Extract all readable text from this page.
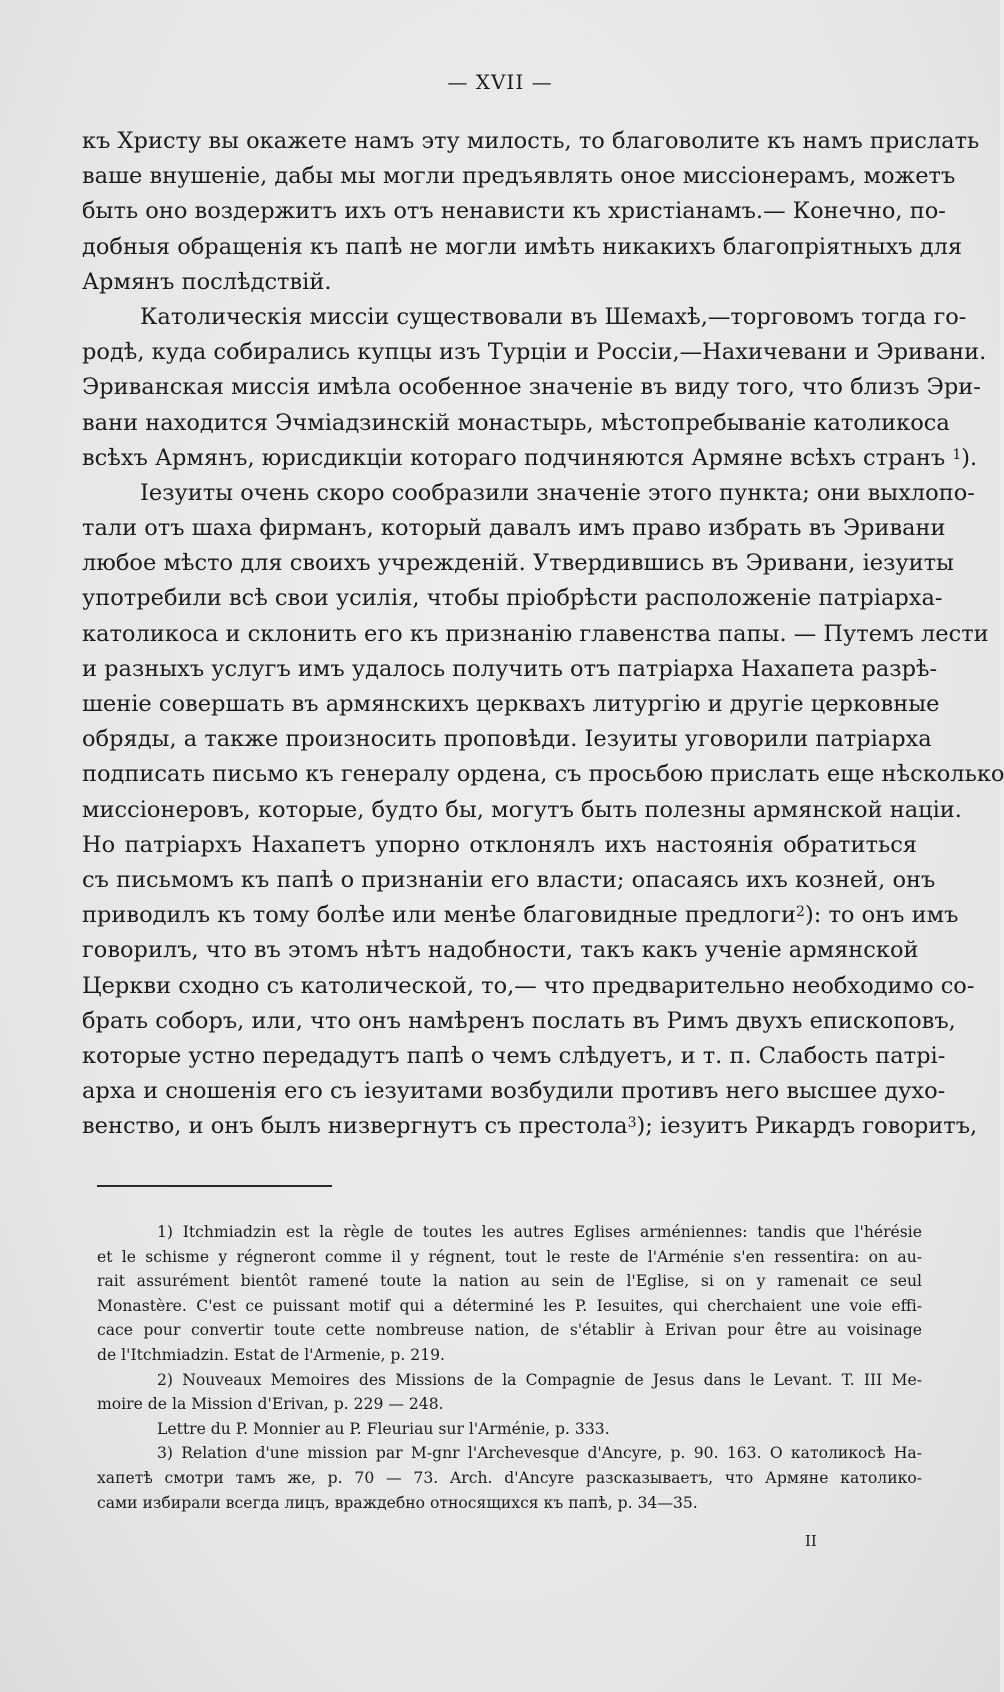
— XVII —
къ Христу вы окажете намъ эту милость, то благоволите къ намъ прислать
ваше внушеніе, дабы мы могли предъявлять оное миссіонерамъ, можетъ
быть оно воздержитъ ихъ отъ ненависти къ христіанамъ.— Конечно, по-
добныя обращенія къ папѣ не могли имѣть никакихъ благопріятныхъ для
Армянъ послѣдствій.
Католическія миссіи существовали въ Шемахѣ,—торговомъ тогда го-
родѣ, куда собирались купцы изъ Турціи и Россіи,—Нахичевани и Эривани.
Эриванская миссія имѣла особенное значеніе въ виду того, что близъ Эри-
вани находится Эчміадзинскій монастырь, мѣстопребываніе католикоса
всѣхъ Армянъ, юрисдикціи котораго подчиняются Армяне всѣхъ странъ $^1$).
Іезуиты очень скоро сообразили значеніе этого пункта; они выхлопо-
тали отъ шаха фирманъ, который давалъ имъ право избрать въ Эривани
любое мѣсто для своихъ учрежденій. Утвердившись въ Эривани, іезуиты
употребили всѣ свои усилія, чтобы пріобрѣсти расположеніе патріарха-
католикоса и склонить его къ признанію главенства папы. — Путемъ лести
и разныхъ услугъ имъ удалось получить отъ патріарха Нахапета разрѣ-
шеніе совершать въ армянскихъ церквахъ литургію и другіе церковные
обряды, а также произносить проповѣди. Іезуиты уговорили патріарха
подписать письмо къ генералу ордена, съ просьбою прислать еще нѣсколько
миссіонеровъ, которые, будто бы, могутъ быть полезны армянской націи.
Но патріархъ Нахапетъ упорно отклонялъ ихъ настоянія обратиться
съ письмомъ къ папѣ о признаніи его власти; опасаясь ихъ козней, онъ
приводилъ къ тому болѣе или менѣе благовидные предлоги$^2$): то онъ имъ
говорилъ, что въ этомъ нѣтъ надобности, такъ какъ ученіе армянской
Церкви сходно съ католической, то,— что предварительно необходимо со-
брать соборъ, или, что онъ намѣренъ послать въ Римъ двухъ епископовъ,
которые устно передадутъ папѣ о чемъ слѣдуетъ, и т. п. Слабость патрі-
арха и сношенія его съ іезуитами возбудили противъ него высшее духо-
венство, и онъ былъ низвергнутъ съ престола$^3$); іезуитъ Рикардъ говоритъ,
1) Itchmiadzin est la règle de toutes les autres Eglises arméniennes: tandis que l'hérésie
et le schisme y régneront comme il y régnent, tout le reste de l'Arménie s'en ressentira: on au-
rait assurément bientôt ramené toute la nation au sein de l'Eglise, si on y ramenait ce seul
Monastère. C'est ce puissant motif qui a déterminé les P. Iesuites, qui cherchaient une voie effi-
cace pour convertir toute cette nombreuse nation, de s'établir à Erivan pour être au voisinage
de l'Itchmiadzin. Estat de l'Armenie, p. 219.
2) Nouveaux Memoires des Missions de la Compagnie de Jesus dans le Levant. T. III Me-
moire de la Mission d'Erivan, p. 229 — 248.
Lettre du P. Monnier au P. Fleuriau sur l'Arménie, p. 333.
3) Relation d'une mission par M-gnr l'Archevesque d'Ancyre, p. 90. 163. О католикосѣ На-
хапетѣ смотри тамъ же, p. 70 — 73. Arch. d'Ancyre разсказываетъ, что Армяне католико-
сами избирали всегда лицъ, враждебно относящихся къ папѣ, p. 34—35.
II
